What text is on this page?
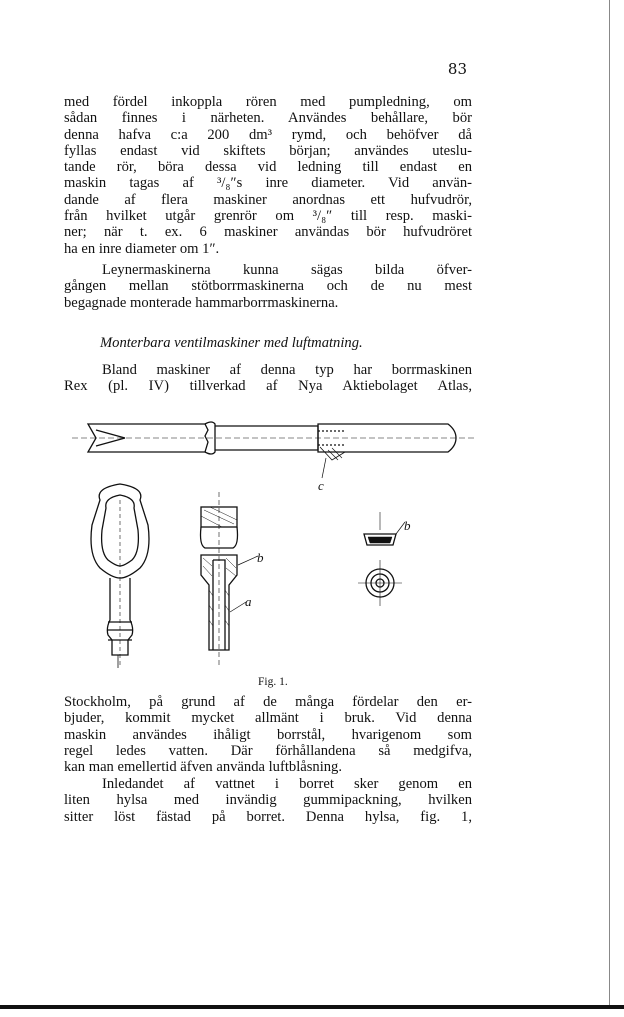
83
med fördel inkoppla rören med pumpledning, om
sådan finnes i närheten. Användes behållare, bör
denna hafva c:a 200 dm³ rymd, och behöfver då
fyllas endast vid skiftets början; användes uteslu-
tande rör, böra dessa vid ledning till endast en
maskin tagas af ³/₈″s inre diameter. Vid använ-
dande af flera maskiner anordnas ett hufvudrör,
från hvilket utgår grenrör om ³/₈″ till resp. maski-
ner; när t. ex. 6 maskiner användas bör hufvudröret
ha en inre diameter om 1″.
Leynermaskinerna kunna sägas bilda öfver-
gången mellan stötborrmaskinerna och de nu mest
begagnade monterade hammarborrmaskinerna.
Monterbara ventilmaskiner med luftmatning.
Bland maskiner af denna typ har borrmaskinen
Rex (pl. IV) tillverkad af Nya Aktiebolaget Atlas,
c
b
a
b
Fig. 1.
Stockholm, på grund af de många fördelar den er-
bjuder, kommit mycket allmänt i bruk. Vid denna
maskin användes ihåligt borrstål, hvarigenom som
regel ledes vatten. Där förhållandena så medgifva,
kan man emellertid äfven använda luftblåsning.
Inledandet af vattnet i borret sker genom en
liten hylsa med invändig gummipackning, hvilken
sitter löst fästad på borret. Denna hylsa, fig. 1,
